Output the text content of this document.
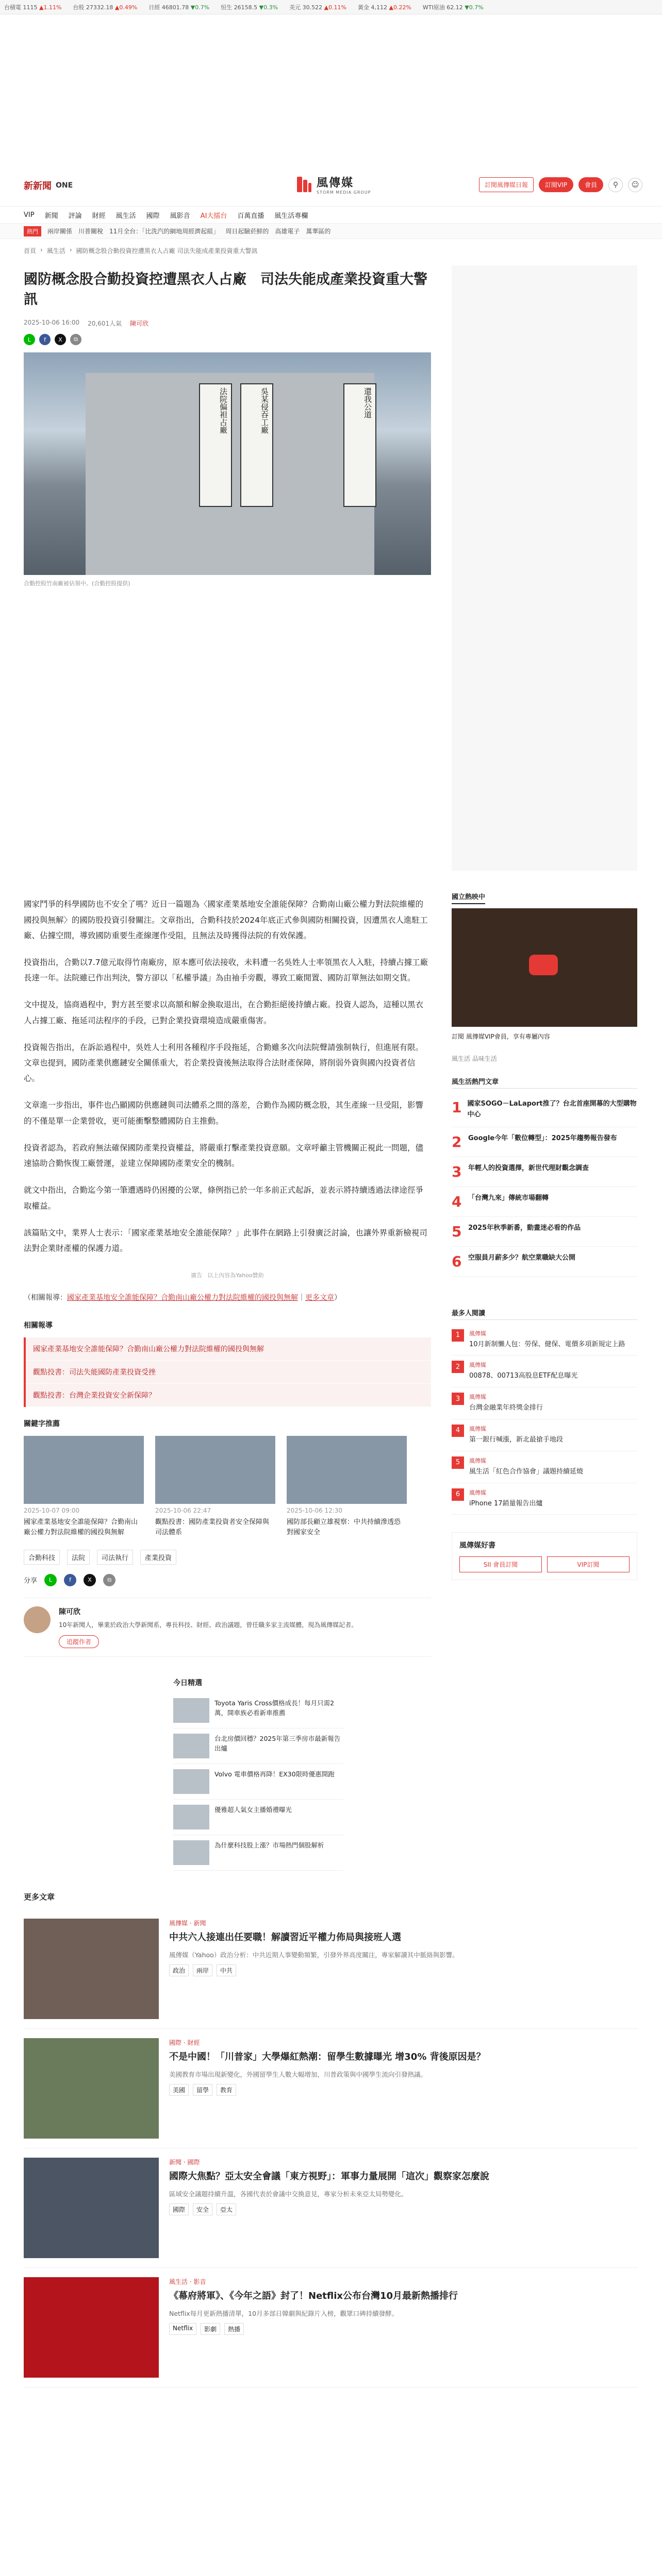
台積電 1115 ▲1.11% 台股 27332.18 ▲0.49% 日經 46801.78 ▼0.7% 恒生 26158.5 ▼0.3% 美元 30.522 ▲0.11% 黃金 4,112 ▲0.22% WTI原油 62.12 ▼0.7%
新新聞 ONE	風傳媒
STORM MEDIA GROUP
訂閱風傳媒日報	訂閱VIP	會員	⚲	☺
VIP 新聞 評論 財經 風生活 國際 風影音 AI大擂台 百萬直播 風生活專欄
熱門	兩岸關係 川普關稅 11月全台：「比洗汽的網地周經濟起組」 周日起驗菸鮮的 高雄電子 萬華區的
首頁 › 風生活 › 國防概念股合勤投資控遭黑衣人占廠 司法失能成產業投資重大警訊
國防概念股合勤投資控遭黑衣人占廠　司法失能成產業投資重大警訊
2025-10-06 16:00 20,601人氣 陳可欣
L	f	X	⧉
法院偏袒占廠	吳某侵吞工廠	還我公道
合勤控股竹南廠被佔領中。(合勤控股提供)

國家鬥爭的科學國防也不安全了嗎？近日一篇題為〈國家產業基地安全誰能保障？合勤南山廠公權力對法院維權的國投與無解〉的國防股投資引發關注。文章指出，合勤科技於2024年底正式參與國防相關投資，因遭黑衣人進駐工廠、佔據空間，導致國防重要生產線運作受阻，且無法及時獲得法院的有效保護。

投資指出，合勤以7.7億元取得竹南廠房，原本應可依法接收，未料遭一名吳姓人士率領黑衣人入駐，持續占據工廠長達一年。法院雖已作出判決，警方卻以「私權爭議」為由袖手旁觀，導致工廠閒置、國防訂單無法如期交貨。

文中提及，協商過程中，對方甚至要求以高額和解金換取退出，在合勤拒絕後持續占廠。投資人認為，這種以黑衣人占據工廠、拖延司法程序的手段，已對企業投資環境造成嚴重傷害。

投資報告指出，在訴訟過程中，吳姓人士利用各種程序手段拖延，合勤雖多次向法院聲請強制執行，但進展有限。文章也提到，國防產業供應鏈安全關係重大，若企業投資後無法取得合法財產保障，將削弱外資與國內投資者信心。

文章進一步指出，事件也凸顯國防供應鏈與司法體系之間的落差，合勤作為國防概念股，其生產線一旦受阻，影響的不僅是單一企業營收，更可能衝擊整體國防自主推動。

投資者認為，若政府無法確保國防產業投資權益，將嚴重打擊產業投資意願。文章呼籲主管機關正視此一問題，儘速協助合勤恢復工廠營運，並建立保障國防產業安全的機制。

就文中指出，合勤迄今第一筆遭遇時仍困擾的公眾，條例指已於一年多前正式起訴，並表示將持續透過法律途徑爭取權益。

該篇貼文中，業界人士表示：「國家產業基地安全誰能保障？」此事件在網路上引發廣泛討論，也讓外界重新檢視司法對企業財產權的保護力道。

廣告 以上內容為Yahoo贊助
（相關報導：國家產業基地安全誰能保障？合勤南山廠公權力對法院維權的國投與無解｜更多文章）
相關報導
國家產業基地安全誰能保障？合勤南山廠公權力對法院維權的國投與無解
觀點投書：司法失能國防產業投資受挫
觀點投書：台灣企業投資安全新保障？
關鍵字推薦
2025-10-07 09:00
國家產業基地安全誰能保障？合勤南山廠公權力對法院維權的國投與無解
2025-10-06 22:47
觀點投書：國防產業投資者安全保障與司法體系
2025-10-06 12:30
國防部長顧立雄視察：中共持續滲透恐對國家安全
合勤科技	法院	司法執行	產業投資
分享	L	f	X	⧉
陳可欣
10年新聞人，畢業於政治大學新聞系，專長科技、財經、政治議題，曾任職多家主流媒體，現為風傳媒記者。
追蹤作者
今日精選
Toyota Yaris Cross價格成長！每月只需2萬，開車族必看新車推薦
台北房價回穩？2025年第三季房市最新報告出爐
Volvo 電車價格再降！EX30限時優惠開跑
優雅超人氣女主播婚禮曝光
為什麼科技股上漲？市場熱門個股解析
國立熱映中
訂閱 風傳媒VIP會員，享有專屬內容
風生活 品味生活
風生活熱門文章
1 國家SOGO－LaLaport推了？台北首座開幕的大型購物中心
2 Google今年「數位轉型」：2025年趨勢報告發布
3 年輕人的投資選擇，新世代理財觀念調查
4 「台灣九來」傳統市場翻轉
5 2025年秋季新番，動畫迷必看的作品
6 空服員月薪多少？航空業職缺大公開
最多人閱讀
1	風傳媒
10月新制懶人包：勞保、健保、電價多項新規定上路
2	風傳媒
00878、00713高股息ETF配息曝光
3	風傳媒
台灣金融業年終獎金排行
4	風傳媒
第一銀行喊漲，新北最搶手地段
5	風傳媒
風生活「紅色合作協會」議題持續延燒
6	風傳媒
iPhone 17銷量報告出爐
風傳媒好書
SII 會員訂閱	VIP訂閱
更多文章
風傳媒 · 新聞
中共六人接連出任要職！解讀習近平權力佈局與接班人選
風傳媒（Yahoo）政治分析：中共近期人事變動頻繁，引發外界高度關注，專家解讀其中脈絡與影響。
政治	兩岸	中共
國際 · 財經
不是中國！「川普家」大學爆紅熱潮：留學生數據曝光 增30% 背後原因是？
美國教育市場出現新變化，外國留學生人數大幅增加，川普政策與中國學生流向引發熱議。
美國	留學	教育
新聞 · 國際
國際大焦點？亞太安全會議「東方視野」：軍事力量展開「這次」觀察家怎麼說
區域安全議題持續升溫，各國代表於會議中交換意見，專家分析未來亞太局勢變化。
國際	安全	亞太
風生活 · 影音
《幕府將軍》、《今年之語》封了！Netflix公布台灣10月最新熱播排行
Netflix每月更新熱播清單，10月多部日韓劇與紀錄片入榜，觀眾口碑持續發酵。
Netflix	影劇	熱播
